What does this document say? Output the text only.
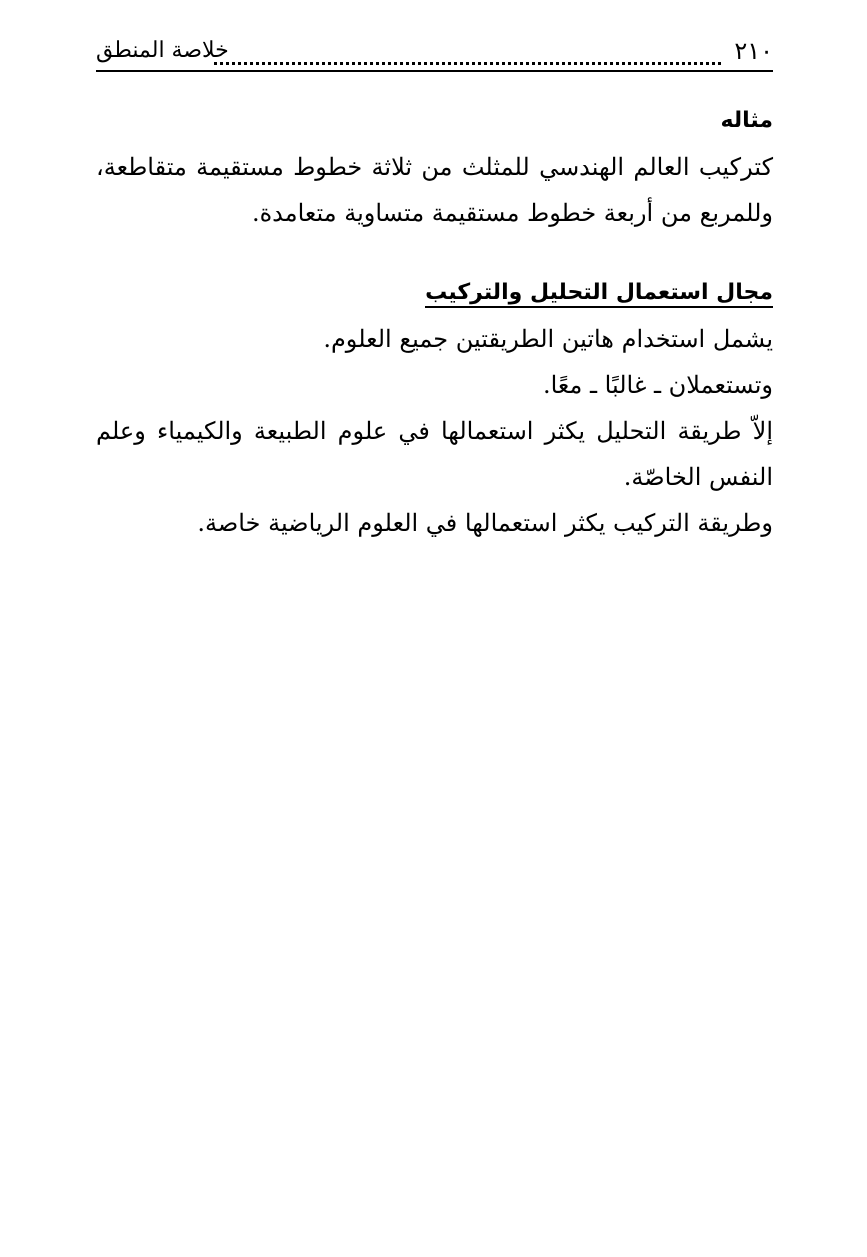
٢١٠
خلاصة المنطق

مثاله

كتركيب العالم الهندسي للمثلث من ثلاثة خطوط مستقيمة متقاطعة، وللمربع من أربعة خطوط مستقيمة متساوية متعامدة.

مجال استعمال التحليل والتركيب

يشمل استخدام هاتين الطريقتين جميع العلوم.

وتستعملان ـ غالبًا ـ معًا.

إلاّ طريقة التحليل يكثر استعمالها في علوم الطبيعة والكيمياء وعلم النفس الخاصّة.

وطريقة التركيب يكثر استعمالها في العلوم الرياضية خاصة.
